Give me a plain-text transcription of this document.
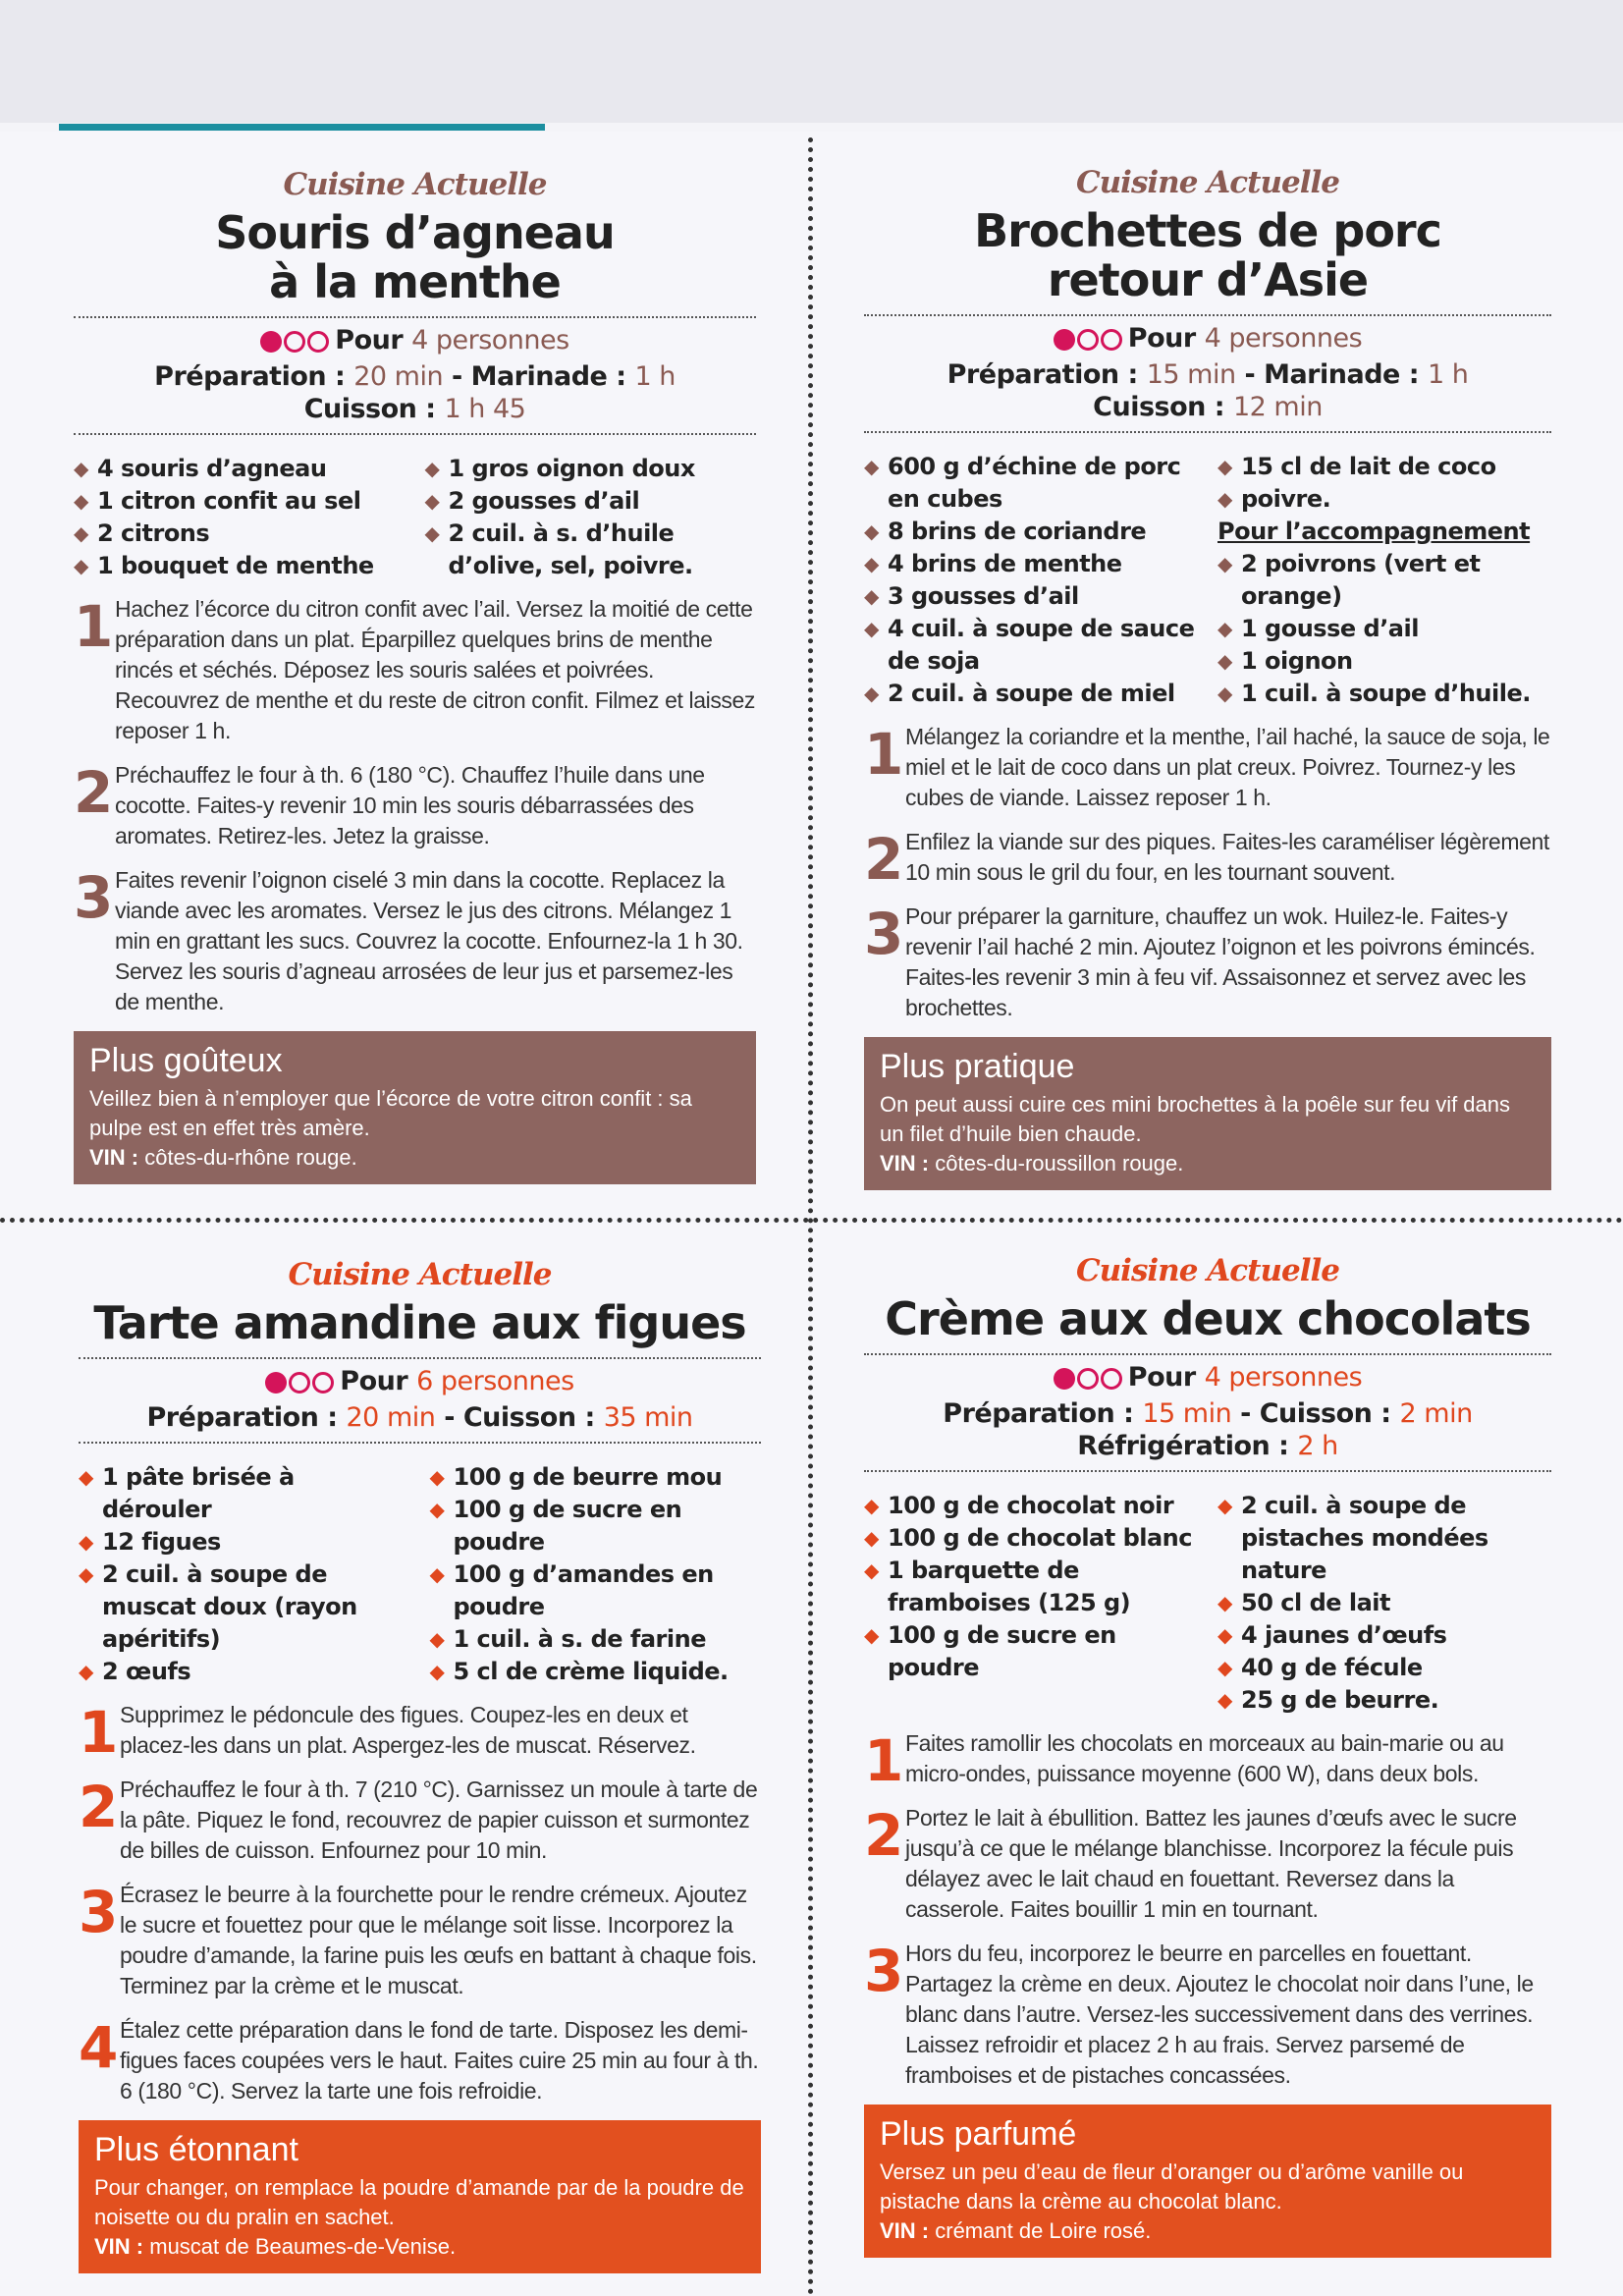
Cuisine Actuelle
Souris d’agneau
à la menthe
Pour 4 personnes
Préparation : 20 min - Marinade : 1 h
Cuisson : 1 h 45
◆ 4 souris d’agneau
◆ 1 citron confit au sel
◆ 2 citrons
◆ 1 bouquet de menthe
◆ 1 gros oignon doux
◆ 2 gousses d’ail
◆ 2 cuil. à s. d’huile d’olive, sel, poivre.
1 Hachez l’écorce du citron confit avec l’ail. Versez la moitié de cette préparation dans un plat. Éparpillez quelques brins de menthe rincés et séchés. Déposez les souris salées et poivrées. Recouvrez de menthe et du reste de citron confit. Filmez et laissez reposer 1 h.
2 Préchauffez le four à th. 6 (180 °C). Chauffez l’huile dans une cocotte. Faites-y revenir 10 min les souris débarrassées des aromates. Retirez-les. Jetez la graisse.
3 Faites revenir l’oignon ciselé 3 min dans la cocotte. Replacez la viande avec les aromates. Versez le jus des citrons. Mélangez 1 min en grattant les sucs. Couvrez la cocotte. Enfournez-la 1 h 30. Servez les souris d’agneau arrosées de leur jus et parsemez-les de menthe.
Plus goûteux
Veillez bien à n’employer que l’écorce de votre citron confit : sa pulpe est en effet très amère.
VIN : côtes-du-rhône rouge.
Cuisine Actuelle
Brochettes de porc
retour d’Asie
Pour 4 personnes
Préparation : 15 min - Marinade : 1 h
Cuisson : 12 min
◆ 600 g d’échine de porc en cubes
◆ 8 brins de coriandre
◆ 4 brins de menthe
◆ 3 gousses d’ail
◆ 4 cuil. à soupe de sauce de soja
◆ 2 cuil. à soupe de miel
◆ 15 cl de lait de coco
◆ poivre.
Pour l’accompagnement
◆ 2 poivrons (vert et orange)
◆ 1 gousse d’ail
◆ 1 oignon
◆ 1 cuil. à soupe d’huile.
1 Mélangez la coriandre et la menthe, l’ail haché, la sauce de soja, le miel et le lait de coco dans un plat creux. Poivrez. Tournez-y les cubes de viande. Laissez reposer 1 h.
2 Enfilez la viande sur des piques. Faites-les caraméliser légèrement 10 min sous le gril du four, en les tournant souvent.
3 Pour préparer la garniture, chauffez un wok. Huilez-le. Faites-y revenir l’ail haché 2 min. Ajoutez l’oignon et les poivrons émincés. Faites-les revenir 3 min à feu vif. Assaisonnez et servez avec les brochettes.
Plus pratique
On peut aussi cuire ces mini brochettes à la poêle sur feu vif dans un filet d’huile bien chaude.
VIN : côtes-du-roussillon rouge.
Cuisine Actuelle
Tarte amandine aux figues
Pour 6 personnes
Préparation : 20 min - Cuisson : 35 min
◆ 1 pâte brisée à dérouler
◆ 12 figues
◆ 2 cuil. à soupe de muscat doux (rayon apéritifs)
◆ 2 œufs
◆ 100 g de beurre mou
◆ 100 g de sucre en poudre
◆ 100 g d’amandes en poudre
◆ 1 cuil. à s. de farine
◆ 5 cl de crème liquide.
1 Supprimez le pédoncule des figues. Coupez-les en deux et placez-les dans un plat. Aspergez-les de muscat. Réservez.
2 Préchauffez le four à th. 7 (210 °C). Garnissez un moule à tarte de la pâte. Piquez le fond, recouvrez de papier cuisson et surmontez de billes de cuisson. Enfournez pour 10 min.
3 Écrasez le beurre à la fourchette pour le rendre crémeux. Ajoutez le sucre et fouettez pour que le mélange soit lisse. Incorporez la poudre d’amande, la farine puis les œufs en battant à chaque fois. Terminez par la crème et le muscat.
4 Étalez cette préparation dans le fond de tarte. Disposez les demi-figues faces coupées vers le haut. Faites cuire 25 min au four à th. 6 (180 °C). Servez la tarte une fois refroidie.
Plus étonnant
Pour changer, on remplace la poudre d’amande par de la poudre de noisette ou du pralin en sachet.
VIN : muscat de Beaumes-de-Venise.
Cuisine Actuelle
Crème aux deux chocolats
Pour 4 personnes
Préparation : 15 min - Cuisson : 2 min
Réfrigération : 2 h
◆ 100 g de chocolat noir
◆ 100 g de chocolat blanc
◆ 1 barquette de framboises (125 g)
◆ 100 g de sucre en poudre
◆ 2 cuil. à soupe de pistaches mondées nature
◆ 50 cl de lait
◆ 4 jaunes d’œufs
◆ 40 g de fécule
◆ 25 g de beurre.
1 Faites ramollir les chocolats en morceaux au bain-marie ou au micro-ondes, puissance moyenne (600 W), dans deux bols.
2 Portez le lait à ébullition. Battez les jaunes d’œufs avec le sucre jusqu’à ce que le mélange blanchisse. Incorporez la fécule puis délayez avec le lait chaud en fouettant. Reversez dans la casserole. Faites bouillir 1 min en tournant.
3 Hors du feu, incorporez le beurre en parcelles en fouettant. Partagez la crème en deux. Ajoutez le chocolat noir dans l’une, le blanc dans l’autre. Versez-les successivement dans des verrines. Laissez refroidir et placez 2 h au frais. Servez parsemé de framboises et de pistaches concassées.
Plus parfumé
Versez un peu d’eau de fleur d’oranger ou d’arôme vanille ou pistache dans la crème au chocolat blanc.
VIN : crémant de Loire rosé.
